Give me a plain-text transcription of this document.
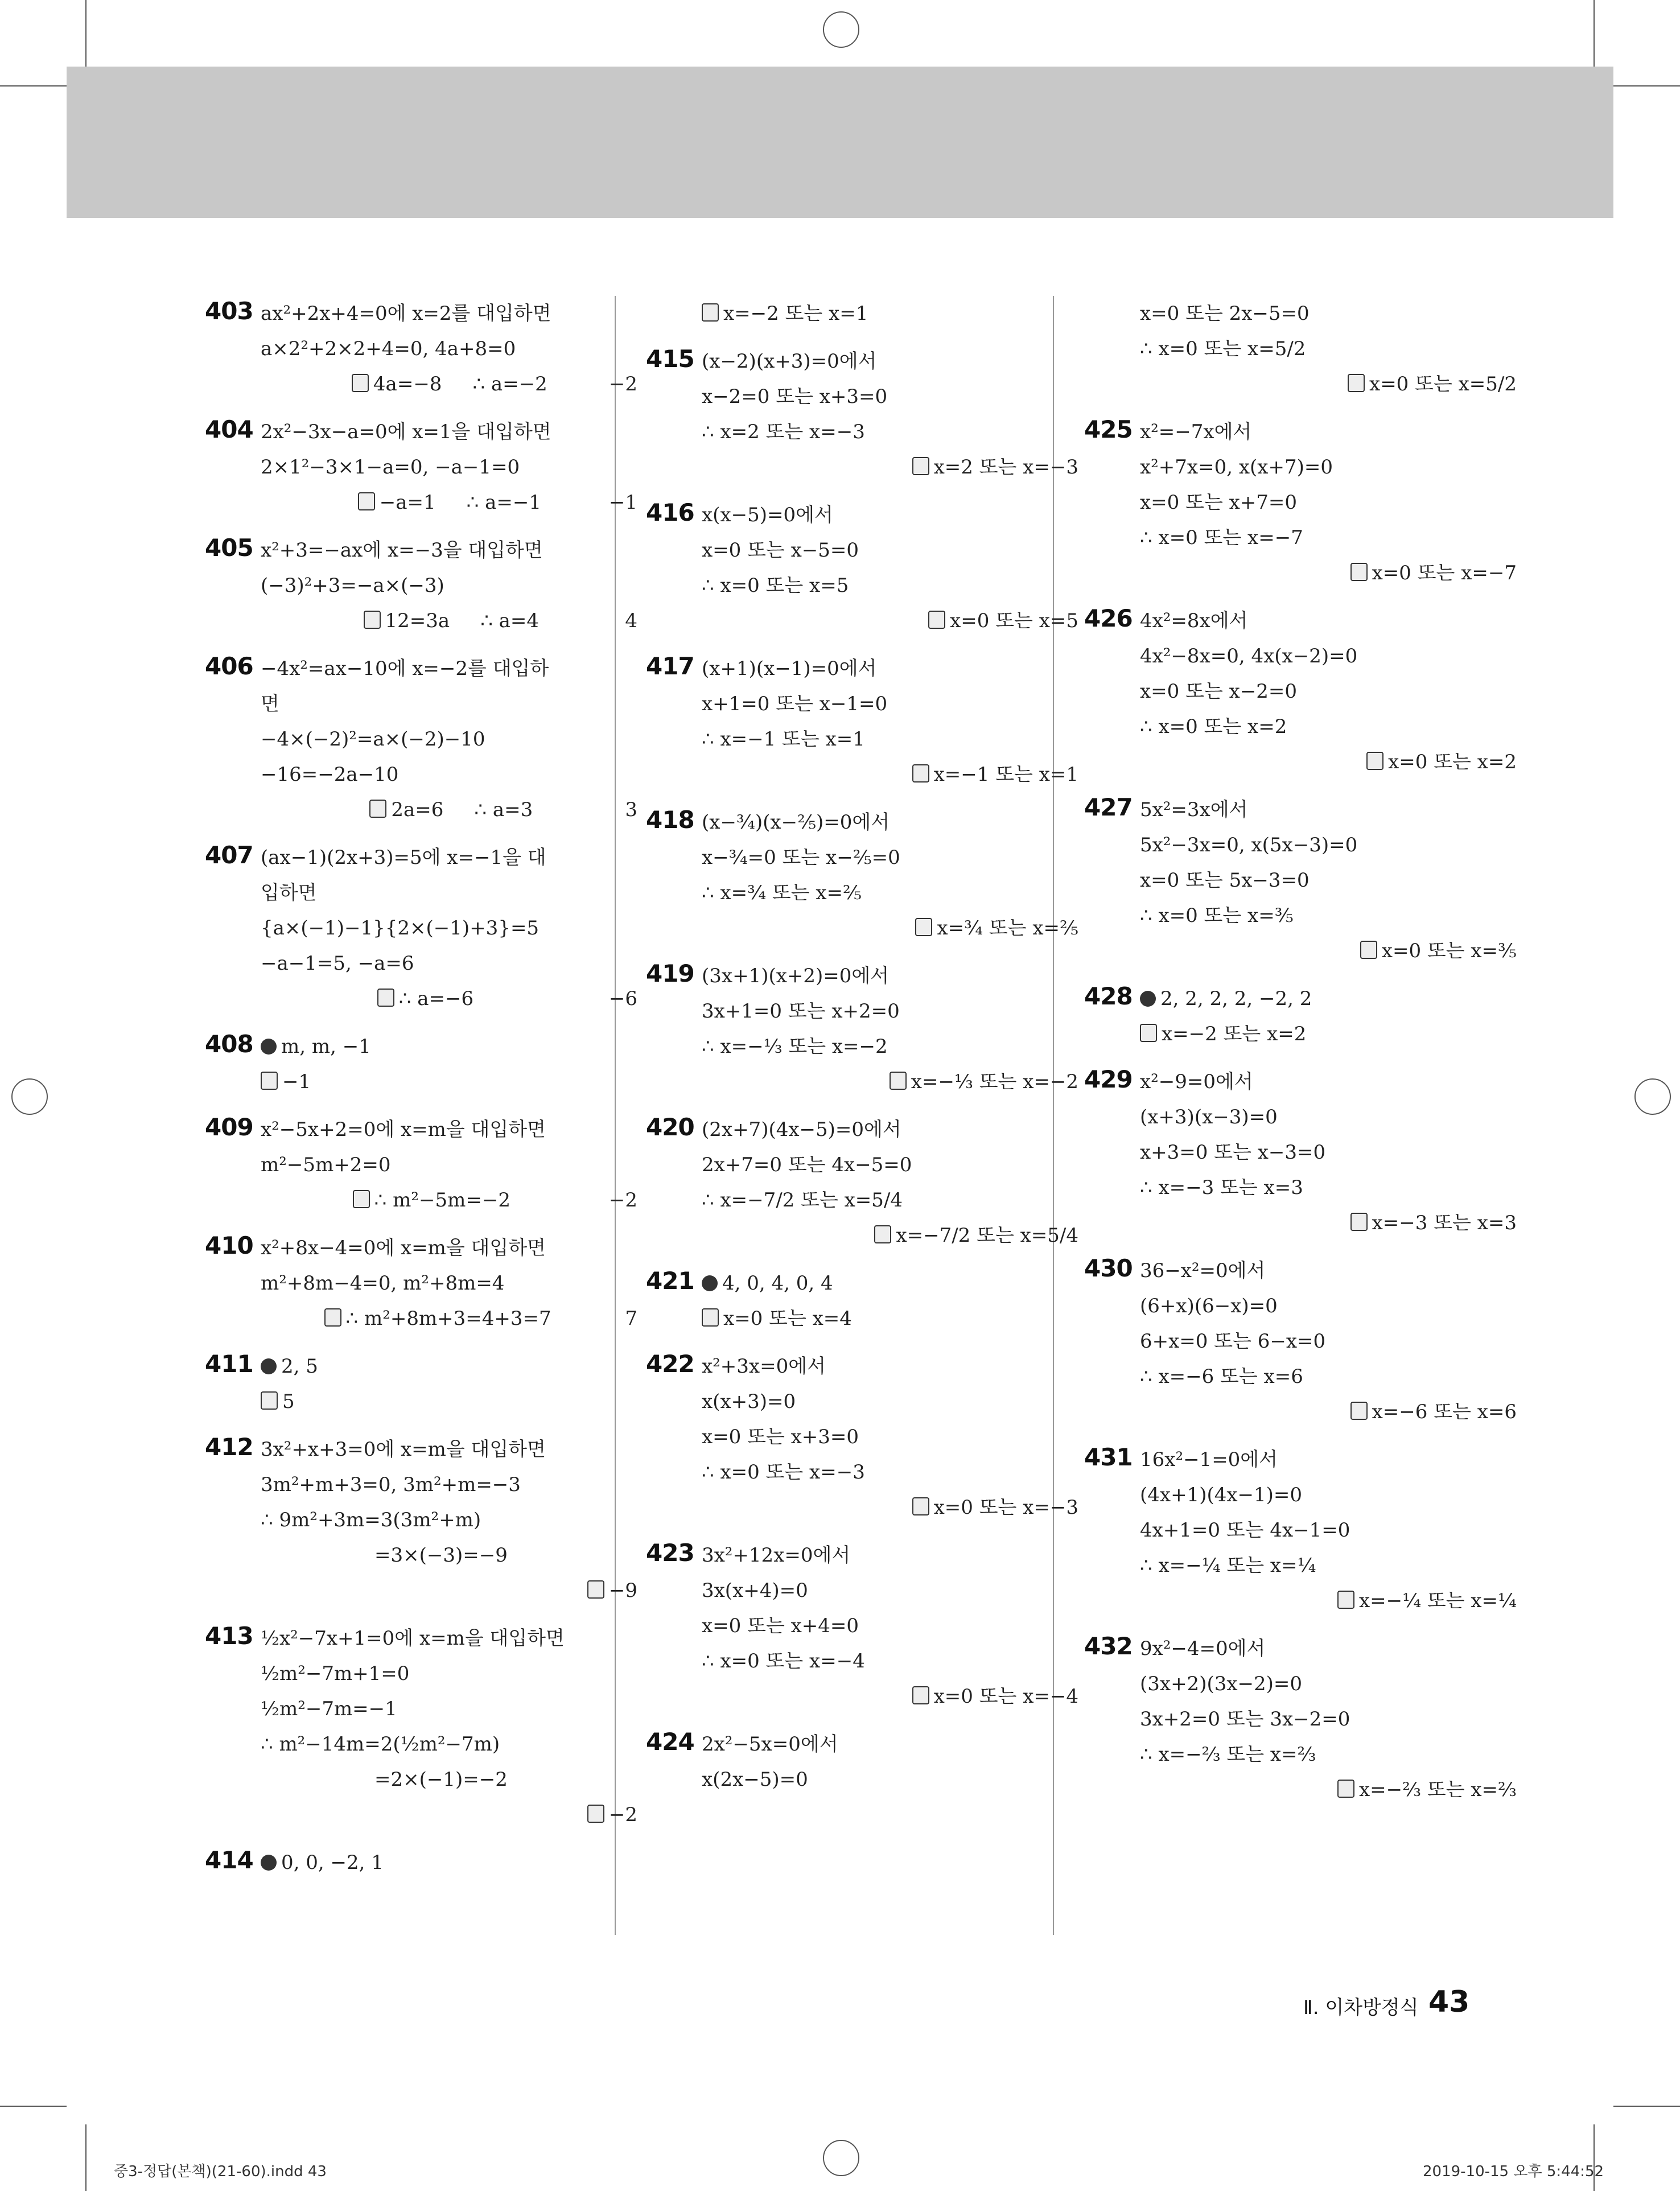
403 ax²+2x+4=0에 x=2를 대입하면
a×2²+2×2+4=0, 4a+8=0
4a=−8     ∴ a=−2          −2
404 2x²−3x−a=0에 x=1을 대입하면
2×1²−3×1−a=0, −a−1=0
−a=1     ∴ a=−1           −1
405 x²+3=−ax에 x=−3을 대입하면
(−3)²+3=−a×(−3)
12=3a     ∴ a=4              4
406 −4x²=ax−10에 x=−2를 대입하
면
−4×(−2)²=a×(−2)−10
−16=−2a−10
2a=6     ∴ a=3               3
407 (ax−1)(2x+3)=5에 x=−1을 대
입하면
{a×(−1)−1}{2×(−1)+3}=5
−a−1=5, −a=6
∴ a=−6                      −6
408	m, m, −1
−1
409 x²−5x+2=0에 x=m을 대입하면
m²−5m+2=0
∴ m²−5m=−2                −2
410 x²+8x−4=0에 x=m을 대입하면
m²+8m−4=0, m²+8m=4
∴ m²+8m+3=4+3=7            7
411	2, 5
5
412 3x²+x+3=0에 x=m을 대입하면
3m²+m+3=0, 3m²+m=−3
∴ 9m²+3m=3(3m²+m)
=3×(−3)=−9
−9
413 ½x²−7x+1=0에 x=m을 대입하면
½m²−7m+1=0
½m²−7m=−1
∴ m²−14m=2(½m²−7m)
=2×(−1)=−2
−2
414	0, 0, −2, 1
x=−2 또는 x=1
415 (x−2)(x+3)=0에서
x−2=0 또는 x+3=0
∴ x=2 또는 x=−3
x=2 또는 x=−3
416 x(x−5)=0에서
x=0 또는 x−5=0
∴ x=0 또는 x=5
x=0 또는 x=5
417 (x+1)(x−1)=0에서
x+1=0 또는 x−1=0
∴ x=−1 또는 x=1
x=−1 또는 x=1
418 (x−¾)(x−⅖)=0에서
x−¾=0 또는 x−⅖=0
∴ x=¾ 또는 x=⅖
x=¾ 또는 x=⅖
419 (3x+1)(x+2)=0에서
3x+1=0 또는 x+2=0
∴ x=−⅓ 또는 x=−2
x=−⅓ 또는 x=−2
420 (2x+7)(4x−5)=0에서
2x+7=0 또는 4x−5=0
∴ x=−7/2 또는 x=5/4
x=−7/2 또는 x=5/4
421	4, 0, 4, 0, 4
x=0 또는 x=4
422 x²+3x=0에서
x(x+3)=0
x=0 또는 x+3=0
∴ x=0 또는 x=−3
x=0 또는 x=−3
423 3x²+12x=0에서
3x(x+4)=0
x=0 또는 x+4=0
∴ x=0 또는 x=−4
x=0 또는 x=−4
424 2x²−5x=0에서
x(2x−5)=0
x=0 또는 2x−5=0
∴ x=0 또는 x=5/2
x=0 또는 x=5/2
425 x²=−7x에서
x²+7x=0, x(x+7)=0
x=0 또는 x+7=0
∴ x=0 또는 x=−7
x=0 또는 x=−7
426 4x²=8x에서
4x²−8x=0, 4x(x−2)=0
x=0 또는 x−2=0
∴ x=0 또는 x=2
x=0 또는 x=2
427 5x²=3x에서
5x²−3x=0, x(5x−3)=0
x=0 또는 5x−3=0
∴ x=0 또는 x=⅗
x=0 또는 x=⅗
428	2, 2, 2, 2, −2, 2
x=−2 또는 x=2
429 x²−9=0에서
(x+3)(x−3)=0
x+3=0 또는 x−3=0
∴ x=−3 또는 x=3
x=−3 또는 x=3
430 36−x²=0에서
(6+x)(6−x)=0
6+x=0 또는 6−x=0
∴ x=−6 또는 x=6
x=−6 또는 x=6
431 16x²−1=0에서
(4x+1)(4x−1)=0
4x+1=0 또는 4x−1=0
∴ x=−¼ 또는 x=¼
x=−¼ 또는 x=¼
432 9x²−4=0에서
(3x+2)(3x−2)=0
3x+2=0 또는 3x−2=0
∴ x=−⅔ 또는 x=⅔
x=−⅔ 또는 x=⅔
Ⅱ. 이차방정식 43
중3-정답(본책)(21-60).indd 43	2019-10-15 오후 5:44:52
